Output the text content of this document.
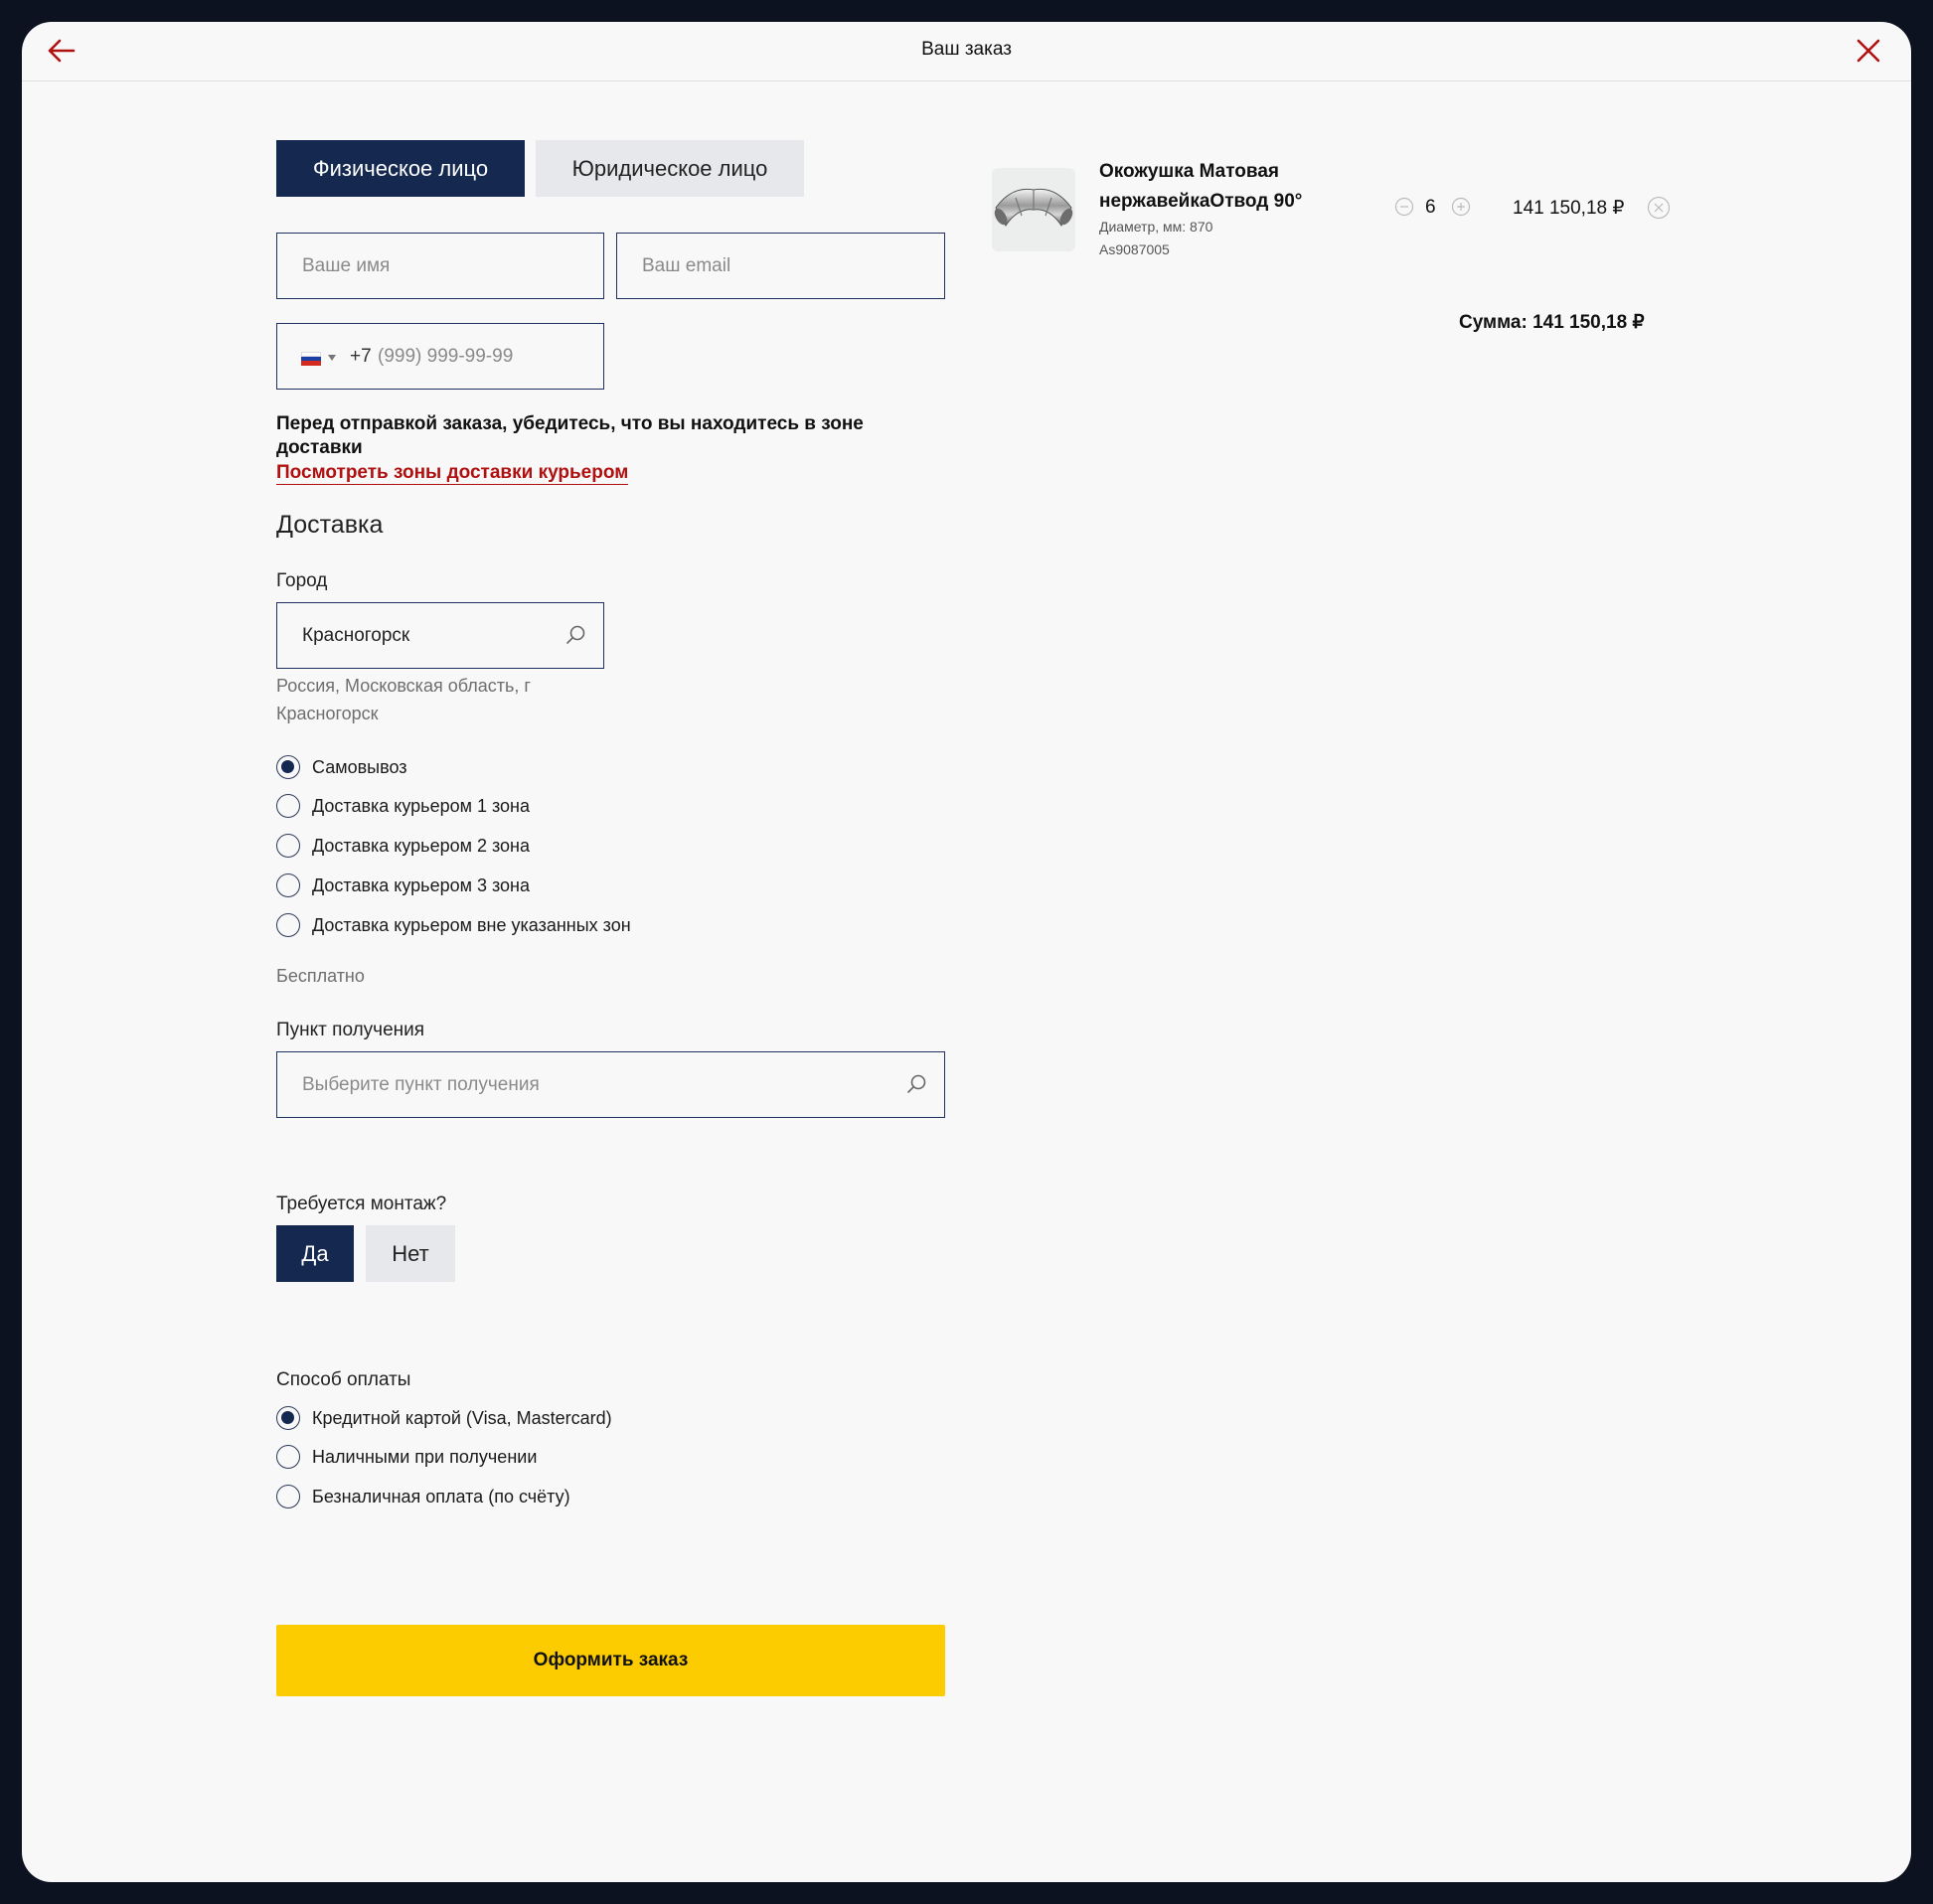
Ваш заказ
Физическое лицо	Юридическое лицо
Ваше имя
Ваш email
+7 (999) 999-99-99
Перед отправкой заказа, убедитесь, что вы находитесь в зоне доставки
Посмотреть зоны доставки курьером
Доставка
Город
Красногорск
Россия, Московская область, г Красногорск
Самовывоз
Доставка курьером 1 зона
Доставка курьером 2 зона
Доставка курьером 3 зона
Доставка курьером вне указанных зон
Бесплатно
Пункт получения
Выберите пункт получения
Требуется монтаж?
Да	Нет
Способ оплаты
Кредитной картой (Visa, Mastercard)
Наличными при получении
Безналичная оплата (по счёту)
Оформить заказ
Окожушка Матовая нержавейкаОтвод 90°
Диаметр, мм: 870
As9087005
6	141 150,18 ₽
Сумма: 141 150,18 ₽
